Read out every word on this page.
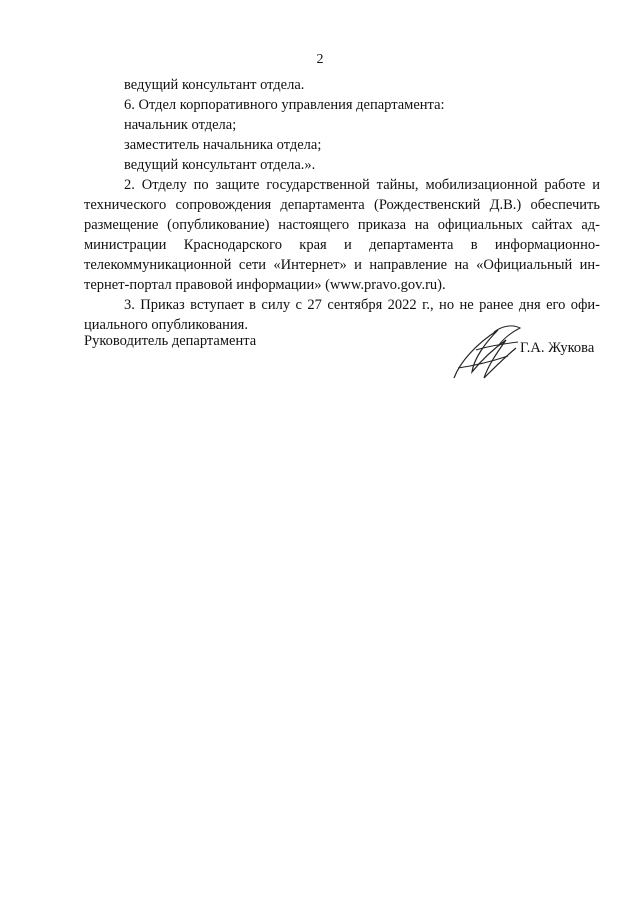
2
ведущий консультант отдела.
6. Отдел корпоративного управления департамента:
начальник отдела;
заместитель начальника отдела;
ведущий консультант отдела.».
2. Отделу по защите государственной тайны, мобилизационной работе и
технического сопровождения департамента (Рождественский Д.В.) обеспечить
размещение (опубликование) настоящего приказа на официальных сайтах ад-
министрации Краснодарского края и департамента в информационно-
телекоммуникационной сети «Интернет» и направление на «Официальный ин-
тернет-портал правовой информации» (www.pravo.gov.ru).
3. Приказ вступает в силу с 27 сентября 2022 г., но не ранее дня его офи-
циального опубликования.
Руководитель департамента	Г.А. Жукова
